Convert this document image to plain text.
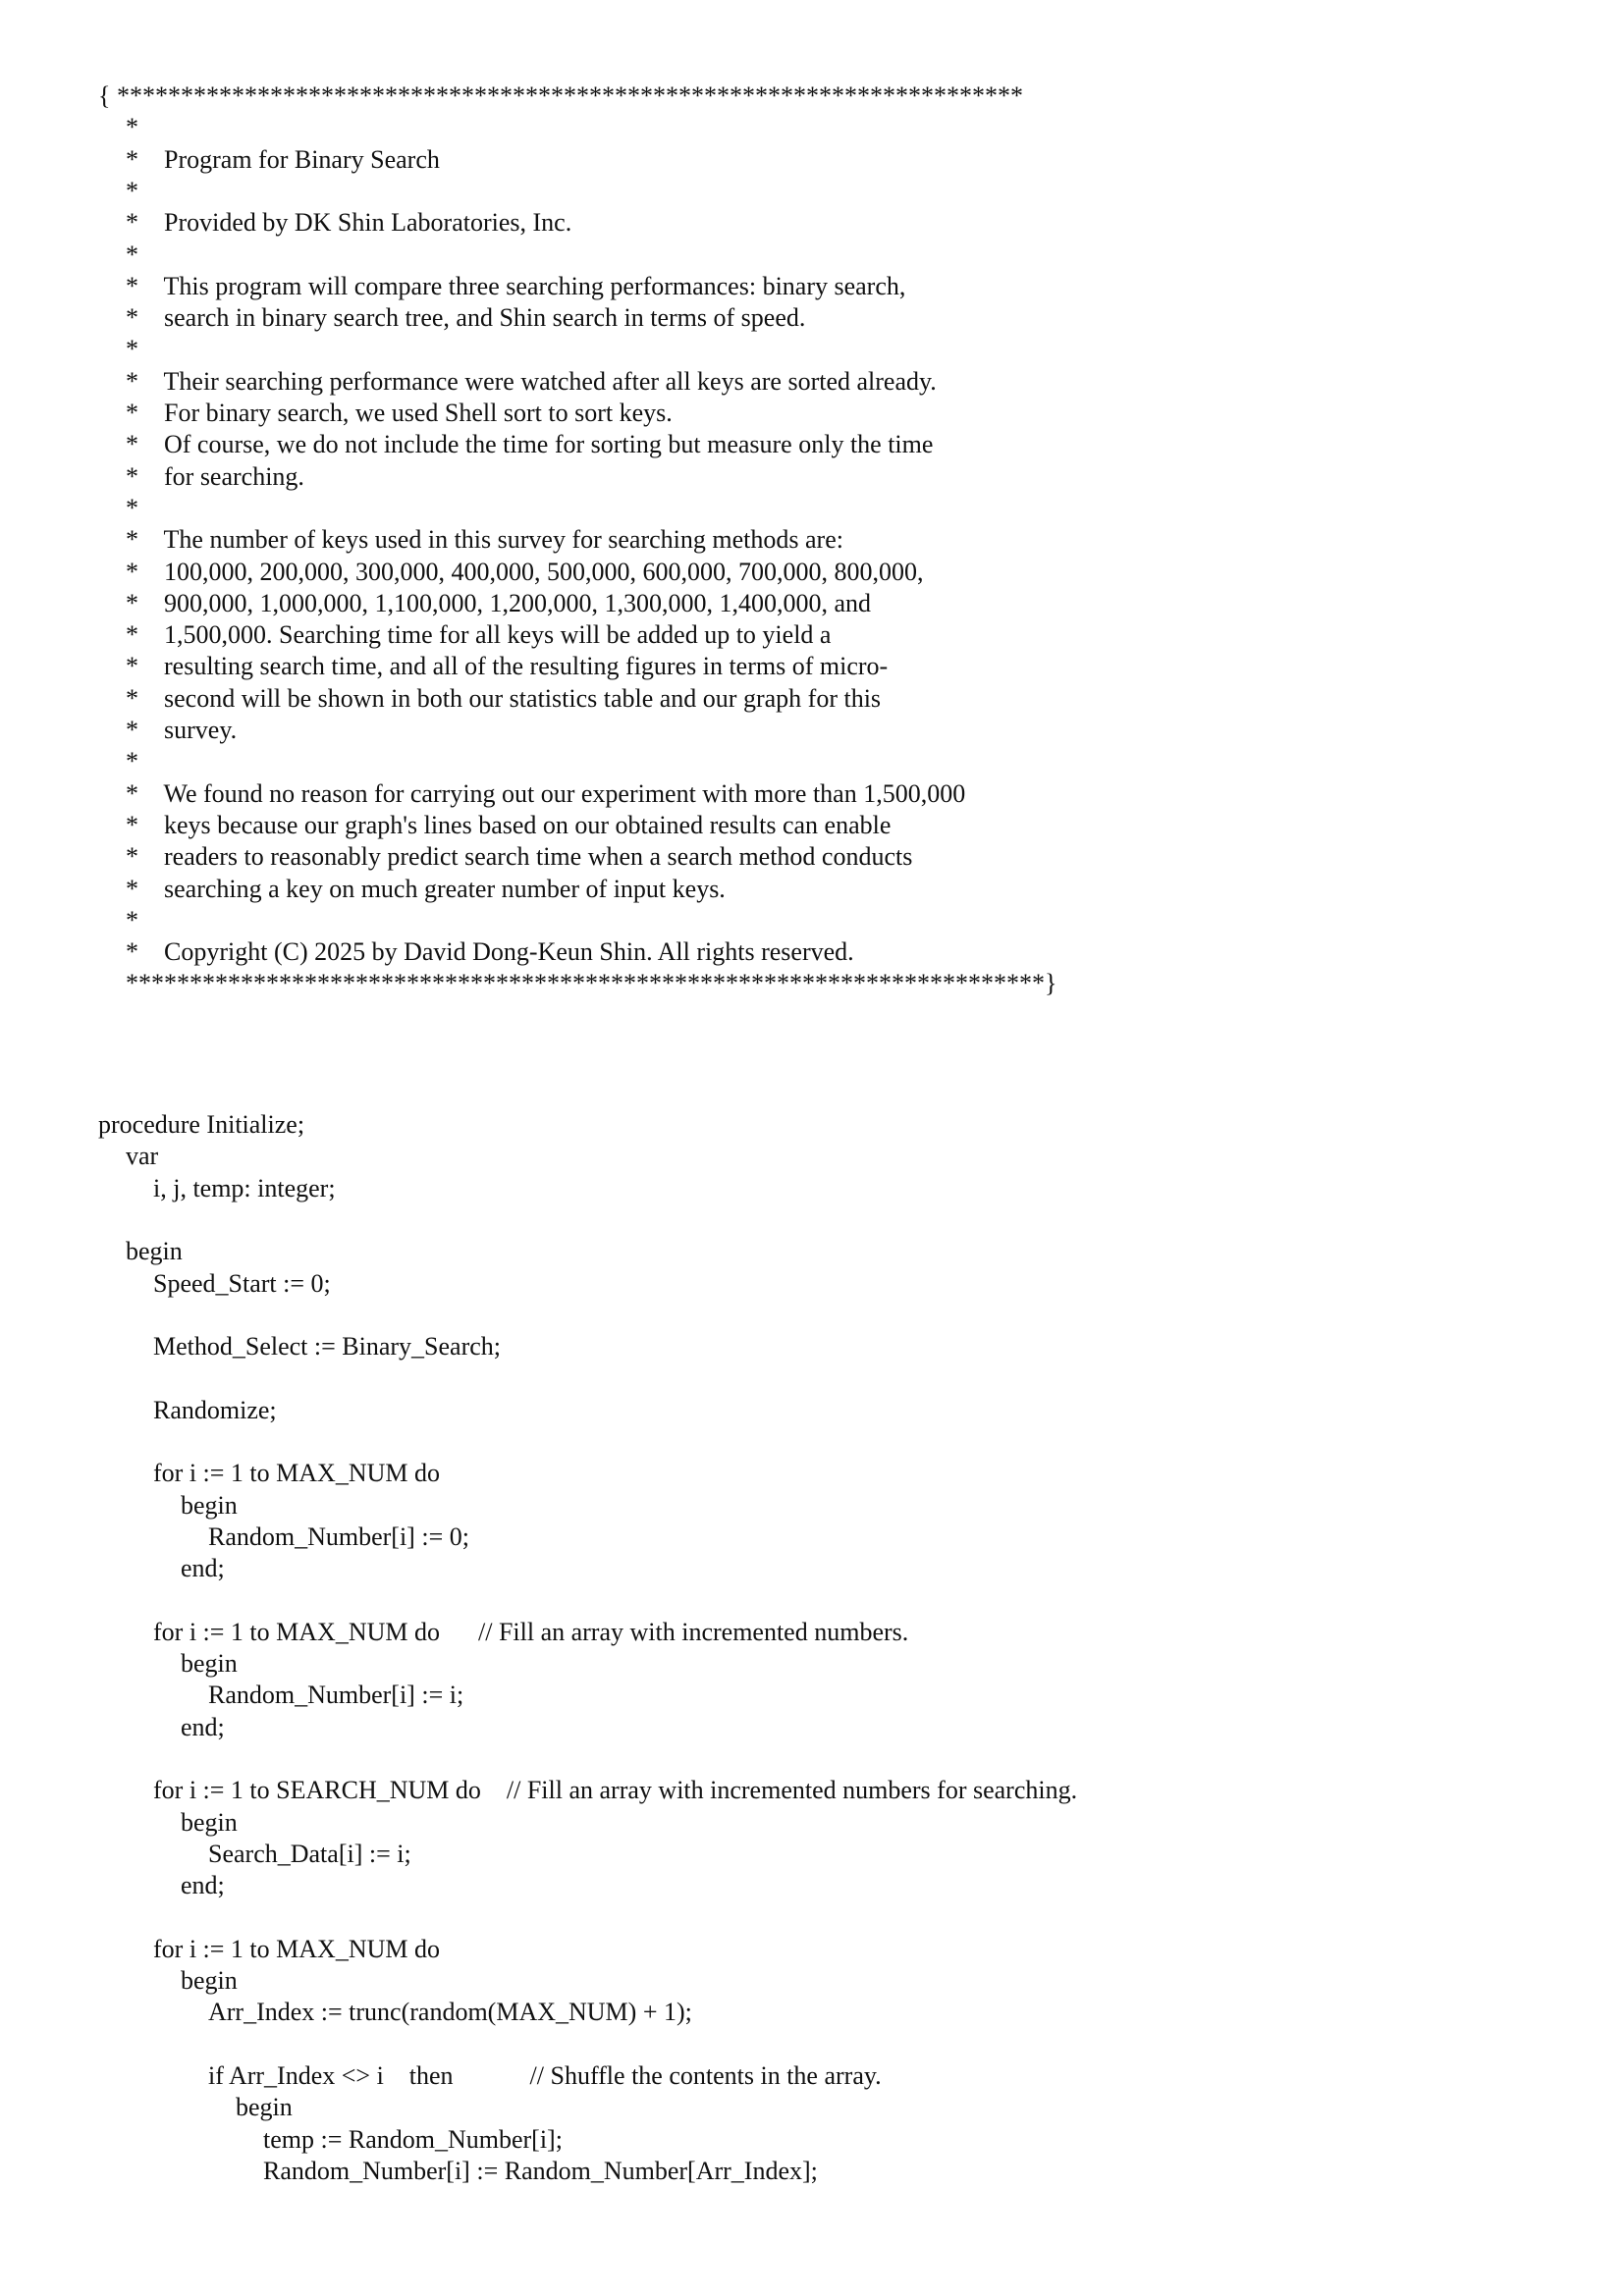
{ ***********************************************************************
*
*    Program for Binary Search
*
*    Provided by DK Shin Laboratories, Inc.
*
*    This program will compare three searching performances: binary search,
*    search in binary search tree, and Shin search in terms of speed.
*
*    Their searching performance were watched after all keys are sorted already.
*    For binary search, we used Shell sort to sort keys.
*    Of course, we do not include the time for sorting but measure only the time
*    for searching.
*
*    The number of keys used in this survey for searching methods are:
*    100,000, 200,000, 300,000, 400,000, 500,000, 600,000, 700,000, 800,000,
*    900,000, 1,000,000, 1,100,000, 1,200,000, 1,300,000, 1,400,000, and
*    1,500,000. Searching time for all keys will be added up to yield a
*    resulting search time, and all of the resulting figures in terms of micro-
*    second will be shown in both our statistics table and our graph for this
*    survey.
*
*    We found no reason for carrying out our experiment with more than 1,500,000
*    keys because our graph's lines based on our obtained results can enable
*    readers to reasonably predict search time when a search method conducts
*    searching a key on much greater number of input keys.
*
*    Copyright (C) 2025 by David Dong-Keun Shin. All rights reserved.
************************************************************************}
procedure Initialize;
var
i, j, temp: integer;
begin
Speed_Start := 0;
Method_Select := Binary_Search;
Randomize;
for i := 1 to MAX_NUM do
begin
Random_Number[i] := 0;
end;
for i := 1 to MAX_NUM do      // Fill an array with incremented numbers.
begin
Random_Number[i] := i;
end;
for i := 1 to SEARCH_NUM do    // Fill an array with incremented numbers for searching.
begin
Search_Data[i] := i;
end;
for i := 1 to MAX_NUM do
begin
Arr_Index := trunc(random(MAX_NUM) + 1);
if Arr_Index <> i    then            // Shuffle the contents in the array.
begin
temp := Random_Number[i];
Random_Number[i] := Random_Number[Arr_Index];
